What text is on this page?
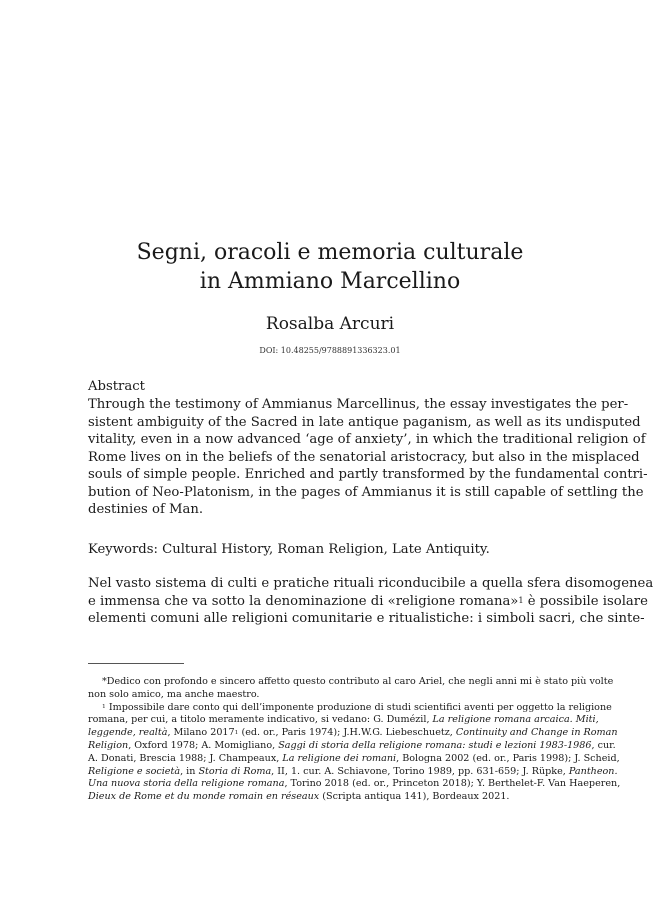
Segni, oracoli e memoria culturale
in Ammiano Marcellino
Rosalba Arcuri
DOI: 10.48255/9788891336323.01
Abstract
Through the testimony of Ammianus Marcellinus, the essay investigates the per-
sistent ambiguity of the Sacred in late antique paganism, as well as its undisputed
vitality, even in a now advanced ‘age of anxiety’, in which the traditional religion of
Rome lives on in the beliefs of the senatorial aristocracy, but also in the misplaced
souls of simple people. Enriched and partly transformed by the fundamental contri-
bution of Neo-Platonism, in the pages of Ammianus it is still capable of settling the
destinies of Man.
Keywords: Cultural History, Roman Religion, Late Antiquity.
Nel vasto sistema di culti e pratiche rituali riconducibile a quella sfera disomogenea
e immensa che va sotto la denominazione di «religione romana»$^1$ è possibile isolare
elementi comuni alle religioni comunitarie e ritualistiche: i simboli sacri, che sinte-
*Dedico con profondo e sincero affetto questo contributo al caro Ariel, che negli anni mi è stato più volte
non solo amico, ma anche maestro.
$^1$ Impossibile dare conto qui dell’imponente produzione di studi scientifici aventi per oggetto la religione
romana, per cui, a titolo meramente indicativo, si vedano: G. Dumézil, La religione romana arcaica. Miti,
leggende, realtà, Milano 2017$^1$ (ed. or., Paris 1974); J.H.W.G. Liebeschuetz, Continuity and Change in Roman
Religion, Oxford 1978; A. Momigliano, Saggi di storia della religione romana: studi e lezioni 1983-1986, cur.
A. Donati, Brescia 1988; J. Champeaux, La religione dei romani, Bologna 2002 (ed. or., Paris 1998); J. Scheid,
Religione e società, in Storia di Roma, II, 1. cur. A. Schiavone, Torino 1989, pp. 631-659; J. Rüpke, Pantheon.
Una nuova storia della religione romana, Torino 2018 (ed. or., Princeton 2018); Y. Berthelet-F. Van Haeperen,
Dieux de Rome et du monde romain en réseaux (Scripta antiqua 141), Bordeaux 2021.
